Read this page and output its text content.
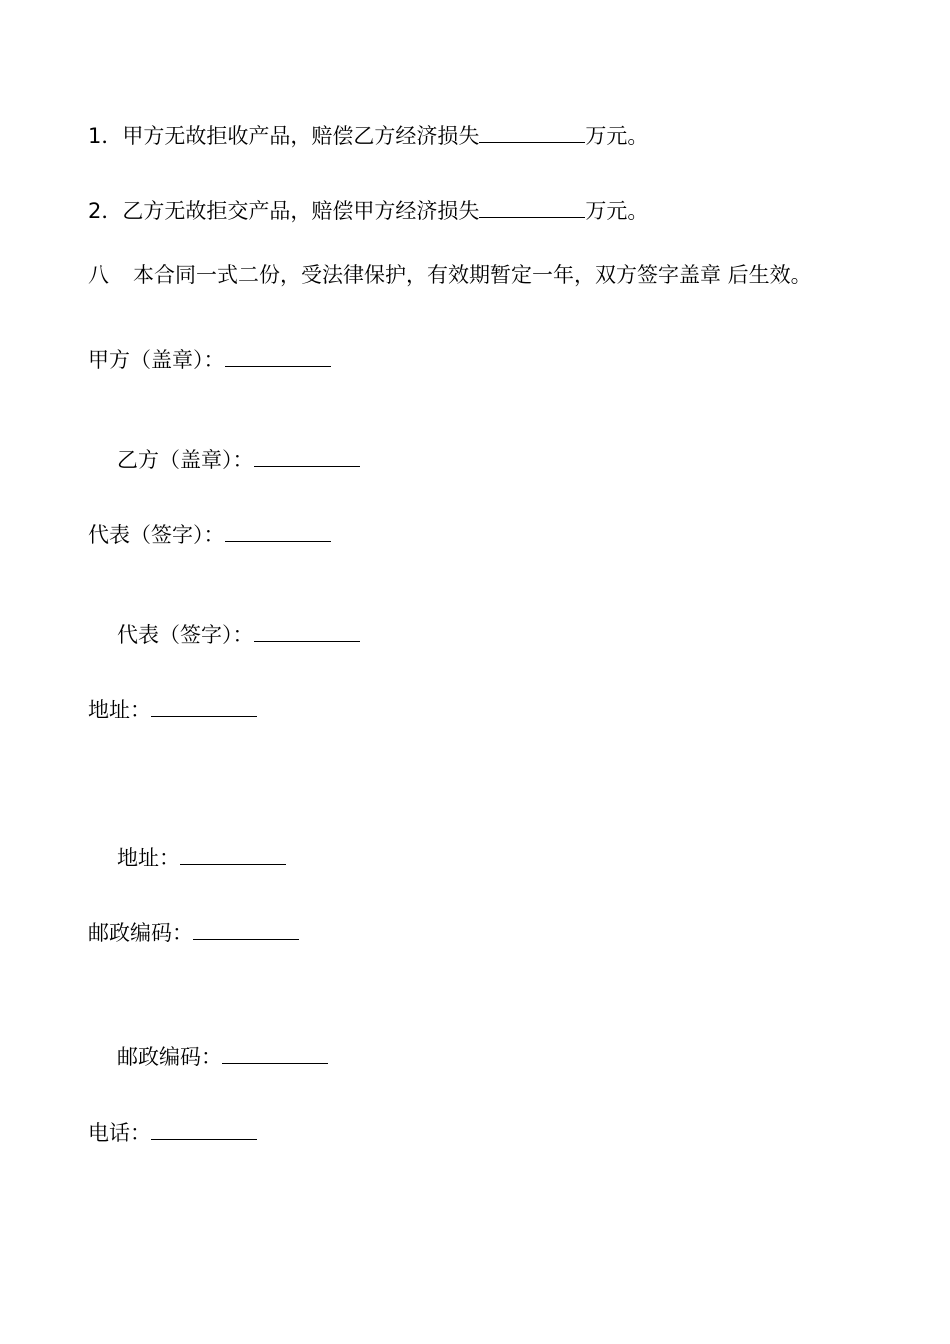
1．甲方无故拒收产品，赔偿乙方经济损失	万元。
2．乙方无故拒交产品，赔偿甲方经济损失	万元。
八 本合同一式二份，受法律保护，有效期暂定一年，双方签字盖章 后生效。
甲方（盖章）：
乙方（盖章）：
代表（签字）：
代表（签字）：
地址：
地址：
邮政编码：
邮政编码：
电话：
